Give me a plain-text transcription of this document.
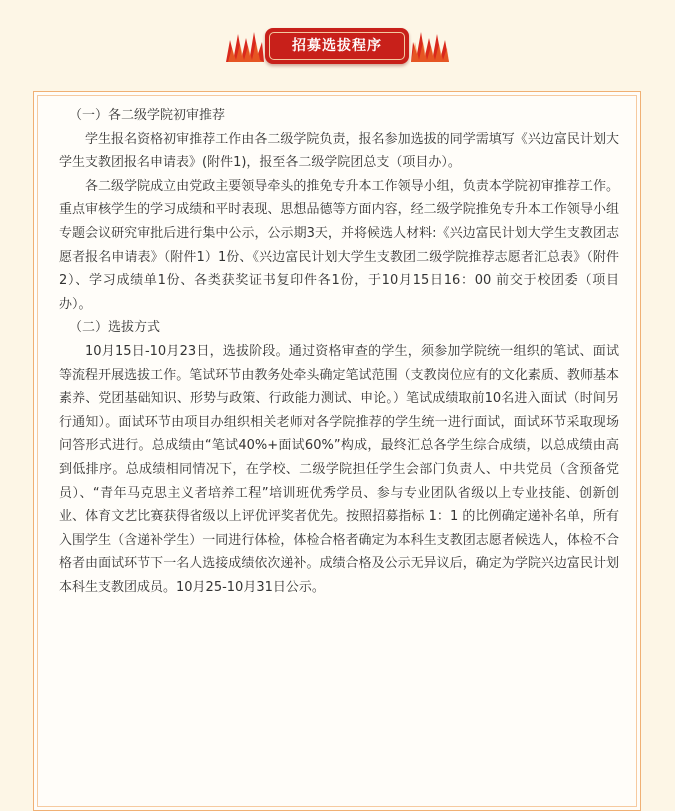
招募选拔程序

（一）各二级学院初审推荐

学生报名资格初审推荐工作由各二级学院负责，报名参加选拔的同学需填写《兴边富民计划大学生支教团报名申请表》(附件1)，报至各二级学院团总支（项目办）。

各二级学院成立由党政主要领导牵头的推免专升本工作领导小组，负责本学院初审推荐工作。重点审核学生的学习成绩和平时表现、思想品德等方面内容，经二级学院推免专升本工作领导小组专题会议研究审批后进行集中公示，公示期3天，并将候选人材料:《兴边富民计划大学生支教团志愿者报名申请表》（附件1）1份、《兴边富民计划大学生支教团二级学院推荐志愿者汇总表》（附件2）、学习成绩单1份、各类获奖证书复印件各1份，于10月15日16：00 前交于校团委（项目办）。

（二）选拔方式

10月15日-10月23日，选拔阶段。通过资格审查的学生，须参加学院统一组织的笔试、面试等流程开展选拔工作。笔试环节由教务处牵头确定笔试范围（支教岗位应有的文化素质、教师基本素养、党团基础知识、形势与政策、行政能力测试、申论。）笔试成绩取前10名进入面试（时间另行通知）。面试环节由项目办组织相关老师对各学院推荐的学生统一进行面试，面试环节采取现场问答形式进行。总成绩由“笔试40%+面试60%”构成，最终汇总各学生综合成绩，以总成绩由高到低排序。总成绩相同情况下，在学校、二级学院担任学生会部门负责人、中共党员（含预备党员）、“青年马克思主义者培养工程”培训班优秀学员、参与专业团队省级以上专业技能、创新创业、体育文艺比赛获得省级以上评优评奖者优先。按照招募指标 1：1 的比例确定递补名单，所有入围学生（含递补学生）一同进行体检，体检合格者确定为本科生支教团志愿者候选人，体检不合格者由面试环节下一名人选接成绩依次递补。成绩合格及公示无异议后，确定为学院兴边富民计划本科生支教团成员。10月25-10月31日公示。
